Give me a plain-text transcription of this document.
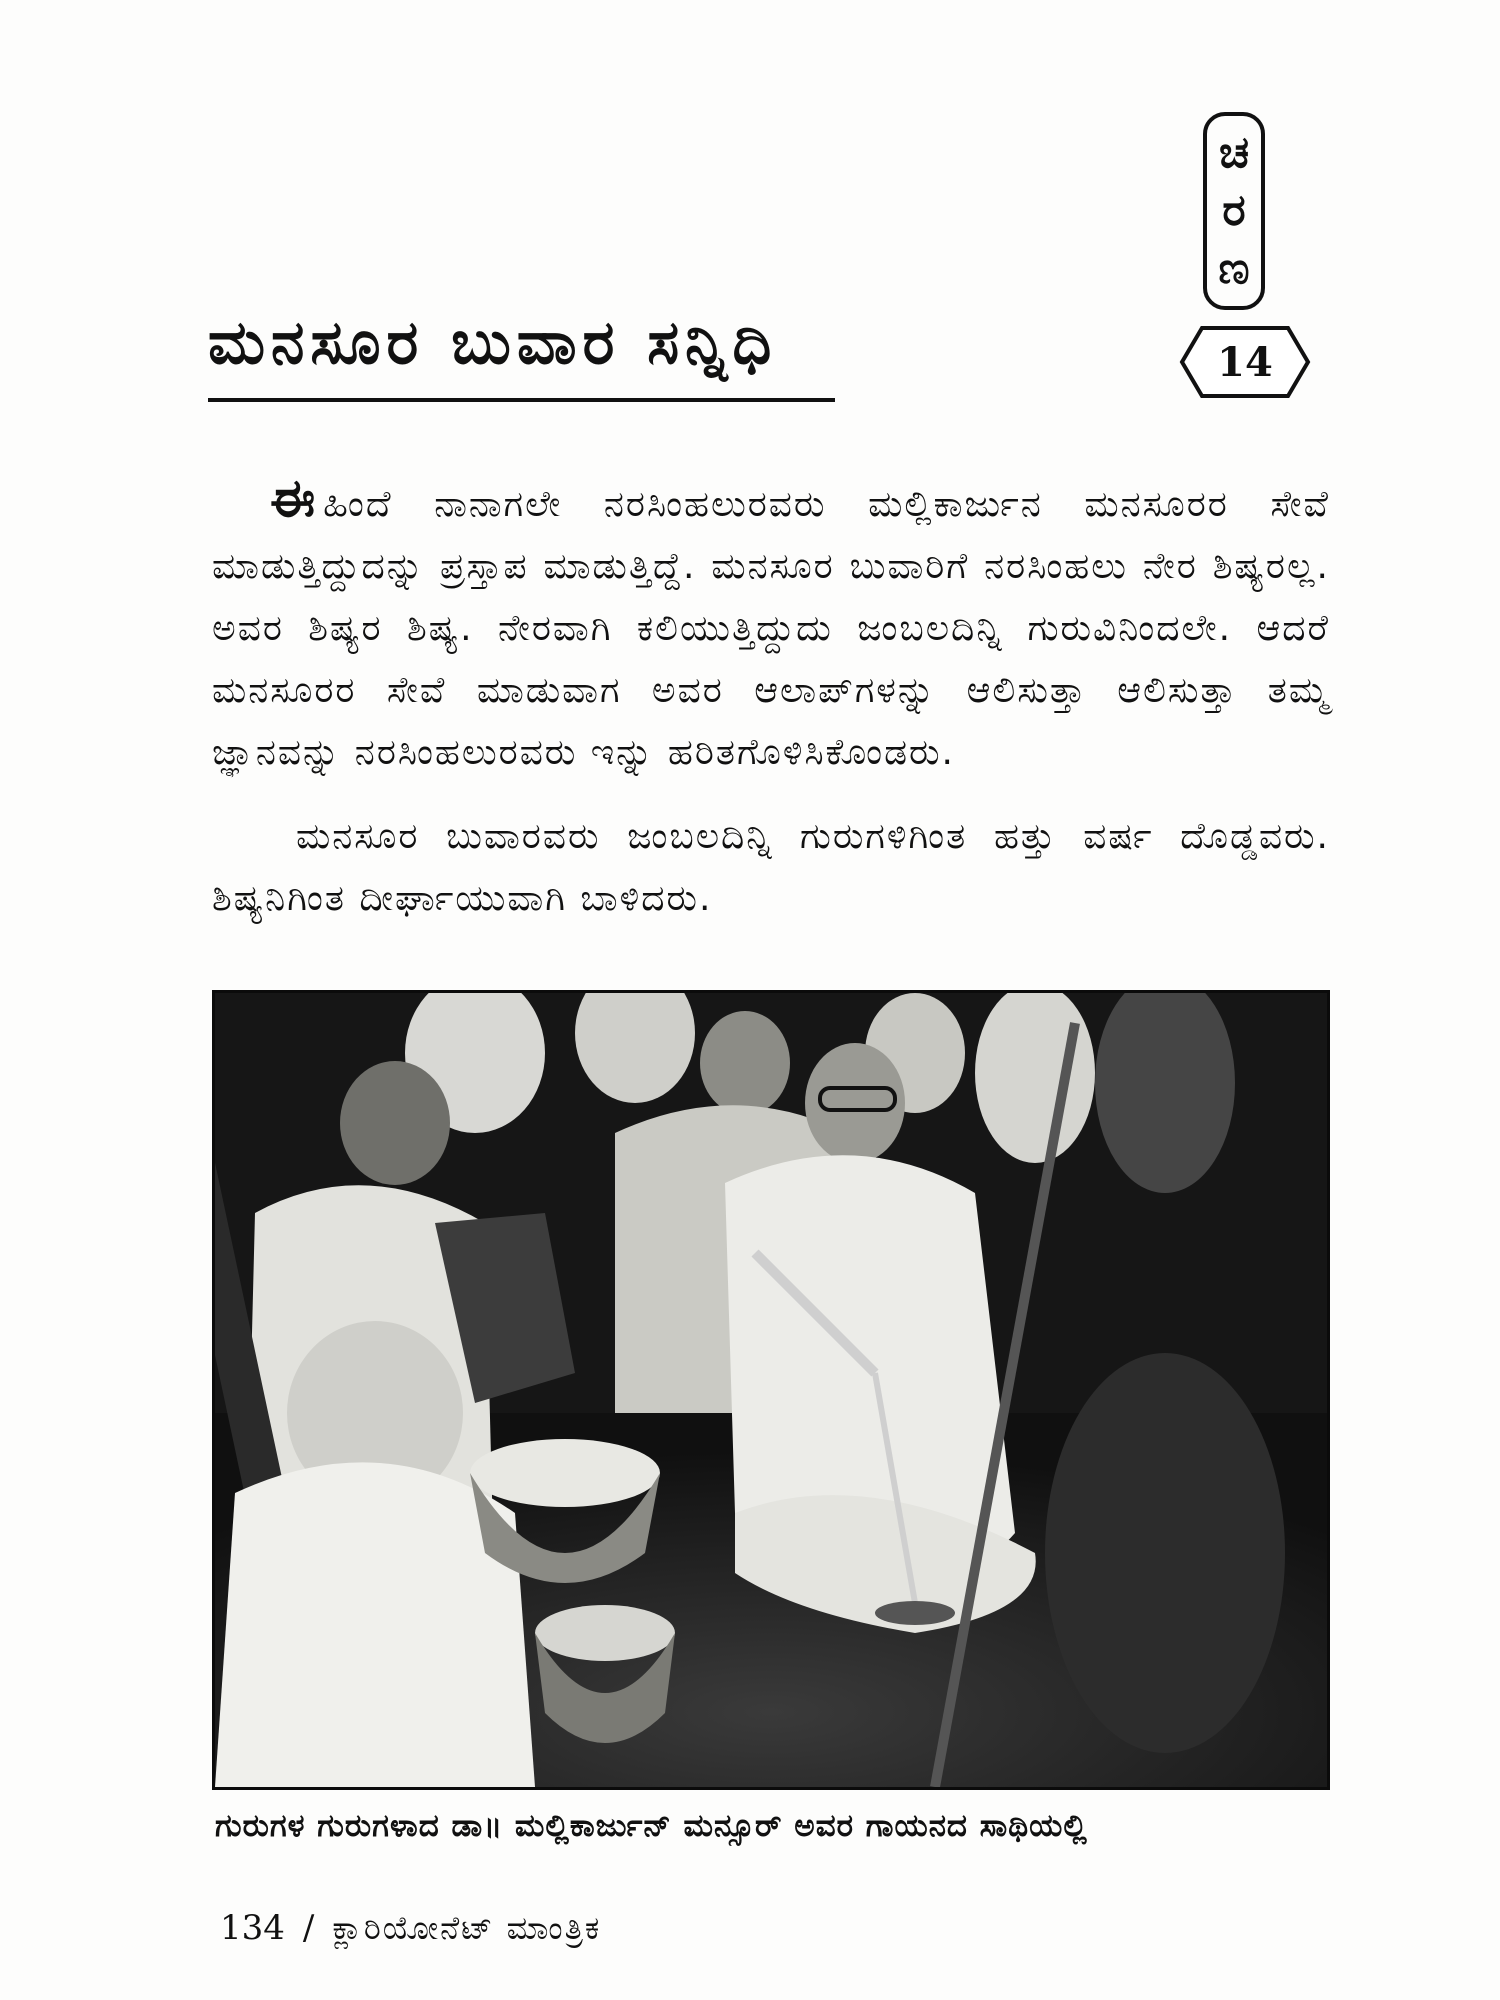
ಚ
ರ
ಣ
14
ಮನಸೂರ ಬುವಾರ ಸನ್ನಿಧಿ

ಈ ಹಿಂದೆ ನಾನಾಗಲೇ ನರಸಿಂಹಲುರವರು ಮಲ್ಲಿಕಾರ್ಜುನ ಮನಸೂರರ ಸೇವೆ ಮಾಡುತ್ತಿದ್ದುದನ್ನು ಪ್ರಸ್ತಾಪ ಮಾಡುತ್ತಿದ್ದೆ. ಮನಸೂರ ಬುವಾರಿಗೆ ನರಸಿಂಹಲು ನೇರ ಶಿಷ್ಯರಲ್ಲ. ಅವರ ಶಿಷ್ಯರ ಶಿಷ್ಯ. ನೇರವಾಗಿ ಕಲಿಯುತ್ತಿದ್ದುದು ಜಂಬಲದಿನ್ನಿ ಗುರುವಿನಿಂದಲೇ. ಆದರೆ ಮನಸೂರರ ಸೇವೆ ಮಾಡುವಾಗ ಅವರ ಆಲಾಪ್‌ಗಳನ್ನು ಆಲಿಸುತ್ತಾ ಆಲಿಸುತ್ತಾ ತಮ್ಮ ಜ್ಞಾನವನ್ನು ನರಸಿಂಹಲುರವರು ಇನ್ನು ಹರಿತಗೊಳಿಸಿಕೊಂಡರು.

ಮನಸೂರ ಬುವಾರವರು ಜಂಬಲದಿನ್ನಿ ಗುರುಗಳಿಗಿಂತ ಹತ್ತು ವರ್ಷ ದೊಡ್ಡವರು. ಶಿಷ್ಯನಿಗಿಂತ ದೀರ್ಘಾಯುವಾಗಿ ಬಾಳಿದರು.

ಗುರುಗಳ ಗುರುಗಳಾದ ಡಾ॥ ಮಲ್ಲಿಕಾರ್ಜುನ್ ಮನ್ಸೂರ್ ಅವರ ಗಾಯನದ ಸಾಥಿಯಲ್ಲಿ
134 / ಕ್ಲಾರಿಯೋನೆಟ್ ಮಾಂತ್ರಿಕ
